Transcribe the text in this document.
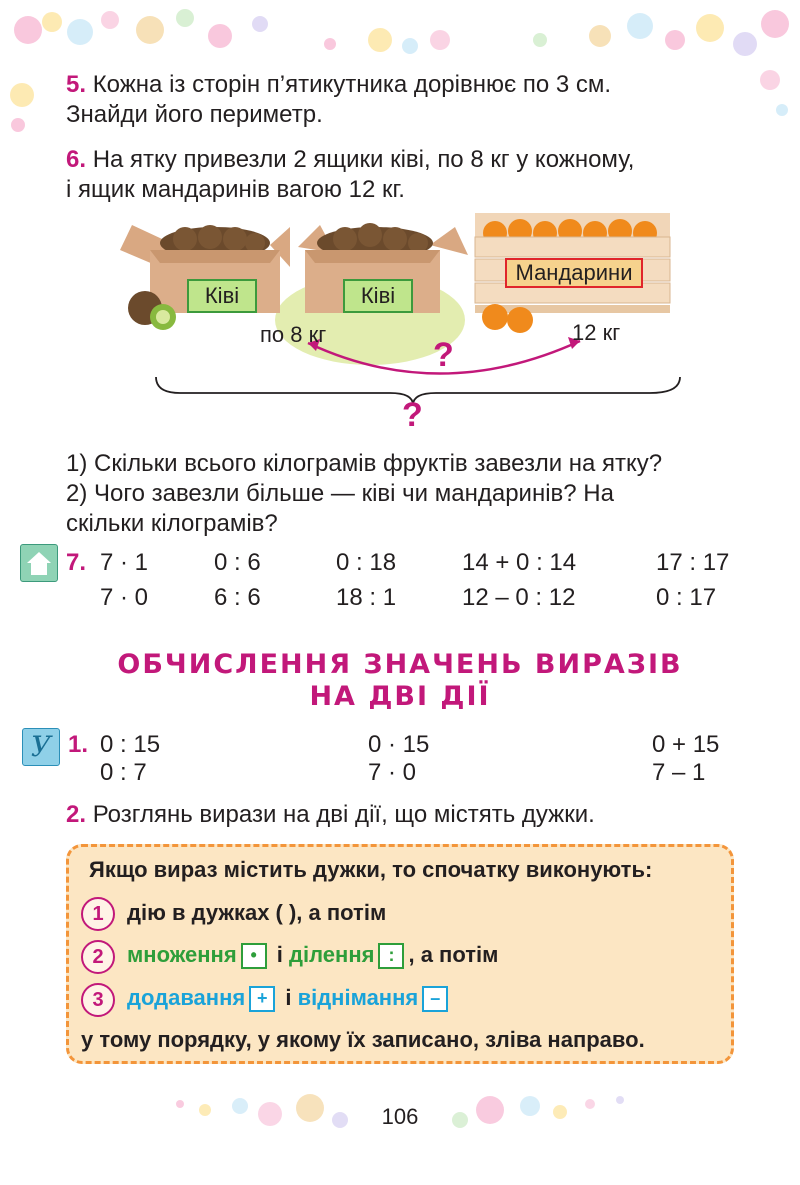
5. Кожна із сторін п’ятикутника дорівнює по 3 см.
Знайди його периметр.
6. На ятку привезли 2 ящики ківі, по 8 кг у кожному,
і ящик мандаринів вагою 12 кг.
Ківі	Ківі
Мандарини
по 8 кг	12 кг
?
?
1) Скільки всього кілограмів фруктів завезли на ятку?
2) Чого завезли більше — ківі чи мандаринів? На
скільки кілограмів?
7. 7 · 1	0 : 6	0 : 18	14 + 0 : 14	17 : 17
7 · 0	6 : 6	18 : 1	12 – 0 : 12	0 : 17
ОБЧИСЛЕННЯ ЗНАЧЕНЬ ВИРАЗІВ
НА ДВІ ДІЇ
У 1. 0 : 15	0 · 15	0 + 15
0 : 7	7 · 0	7 – 1
2. Розглянь вирази на дві дії, що містять дужки.
Якщо вираз містить дужки, то спочатку виконують:
1	дію в дужках ( ), а потім
2	множення • і ділення : , а потім
3	додавання + і віднімання –
у тому порядку, у якому їх записано, зліва направо.
106
